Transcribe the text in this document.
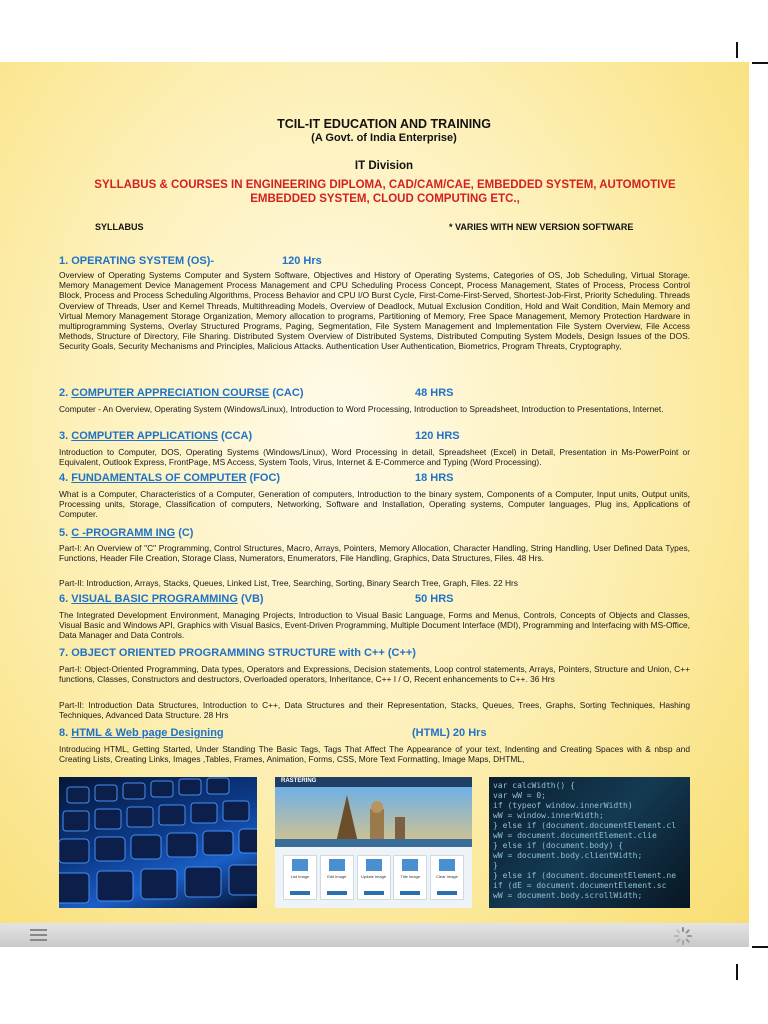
TCIL-IT EDUCATION AND TRAINING
(A Govt. of India Enterprise)
IT Division
SYLLABUS & COURSES IN ENGINEERING DIPLOMA, CAD/CAM/CAE, EMBEDDED SYSTEM, AUTOMOTIVE
EMBEDDED SYSTEM, CLOUD COMPUTING ETC.,
SYLLABUS	* VARIES WITH NEW VERSION SOFTWARE
1. OPERATING SYSTEM (OS)-	120 Hrs
Overview of Operating Systems Computer and System Software, Objectives and History of Operating Systems, Categories of OS, Job Scheduling, Virtual Storage. Memory Management Device Management Process Management and CPU Scheduling Process Concept, Process Management, States of Process, Process Control Block, Process and Process Scheduling Algorithms, Process Behavior and CPU I/O Burst Cycle, First-Come-First-Served, Shortest-Job-First, Priority Scheduling. Threads Overview of Threads, User and Kernel Threads, Multithreading Models, Overview of Deadlock, Mutual Exclusion Condition, Hold and Wait Condition, Main Memory and Virtual Memory Management Storage Organization, Memory allocation to programs, Partitioning of Memory, Free Space Management, Memory Protection Hardware in multiprogramming Systems, Overlay Structured Programs, Paging, Segmentation, File System Management and Implementation File System Overview, File Access Methods, Structure of Directory, File Sharing. Distributed System Overview of Distributed Systems, Distributed Computing System Models, Design Issues of the DOS. Security Goals, Security Mechanisms and Principles, Malicious Attacks. Authentication User Authentication, Biometrics, Program Threats, Cryptography,
2. COMPUTER APPRECIATION COURSE (CAC)	48 HRS
Computer - An Overview, Operating System (Windows/Linux), Introduction to Word Processing, Introduction to Spreadsheet, Introduction to Presentations, Internet.
3. COMPUTER APPLICATIONS (CCA)	120 HRS
Introduction to Computer, DOS, Operating Systems (Windows/Linux), Word Processing in detail, Spreadsheet (Excel) in Detail, Presentation in Ms-PowerPoint or Equivalent, Outlook Express, FrontPage, MS Access, System Tools, Virus, Internet & E-Commerce and Typing (Word Processing).
4. FUNDAMENTALS OF COMPUTER (FOC)	18 HRS
What is a Computer, Characteristics of a Computer, Generation of computers, Introduction to the binary system, Components of a Computer, Input units, Output units, Processing units, Storage, Classification of computers, Networking, Software and Installation, Operating systems, Computer languages, Plug ins, Applications of Computer.
5. C -PROGRAMM ING (C)
Part-I: An Overview of "C" Programming, Control Structures, Macro, Arrays, Pointers, Memory Allocation, Character Handling, String Handling, User Defined Data Types, Functions, Header File Creation, Storage Class, Numerators, Enumerators, File Handling, Graphics, Data Structures, Files. 48 Hrs.
Part-II: Introduction, Arrays, Stacks, Queues, Linked List, Tree, Searching, Sorting, Binary Search Tree, Graph, Files. 22 Hrs
6. VISUAL BASIC PROGRAMMING (VB)	50 HRS
The Integrated Development Environment, Managing Projects, Introduction to Visual Basic Language, Forms and Menus, Controls, Concepts of Objects and Classes, Visual Basic and Windows API, Graphics with Visual Basics, Event-Driven Programming, Multiple Document Interface (MDI), Programming and Interfacing with MS-Office, Data Manager and Data Controls.
7. OBJECT ORIENTED PROGRAMMING STRUCTURE with C++ (C++)
Part-I: Object-Oriented Programming, Data types, Operators and Expressions, Decision statements, Loop control statements, Arrays, Pointers, Structure and Union, C++ functions, Classes, Constructors and destructors, Overloaded operators, Inheritance, C++ I / O, Recent enhancements to C++. 36 Hrs
Part-II: Introduction Data Structures, Introduction to C++, Data Structures and their Representation, Stacks, Queues, Trees, Graphs, Sorting Techniques, Hashing Techniques, Advanced Data Structure. 28 Hrs
8. HTML & Web page Designing	(HTML) 20 Hrs
Introducing HTML, Getting Started, Under Standing The Basic Tags, Tags That Affect The Appearance of your text, Indenting and Creating Spaces with & nbsp and Creating Lists, Creating Links, Images ,Tables, Frames, Animation, Forms, CSS, More Text Formatting, Image Maps, DHTML,
RASTERING
List Image	Edit Image	Update Image	Title Image	Clear Image
var calcWidth() {
var wW = 0;
if (typeof window.innerWidth)
wW = window.innerWidth;
} else if (document.documentElement.cl
wW = document.documentElement.clie
} else if (document.body) {
wW = document.body.clientWidth;
}
} else if (document.documentElement.ne
if (dE = document.documentElement.sc
wW = document.body.scrollWidth;
